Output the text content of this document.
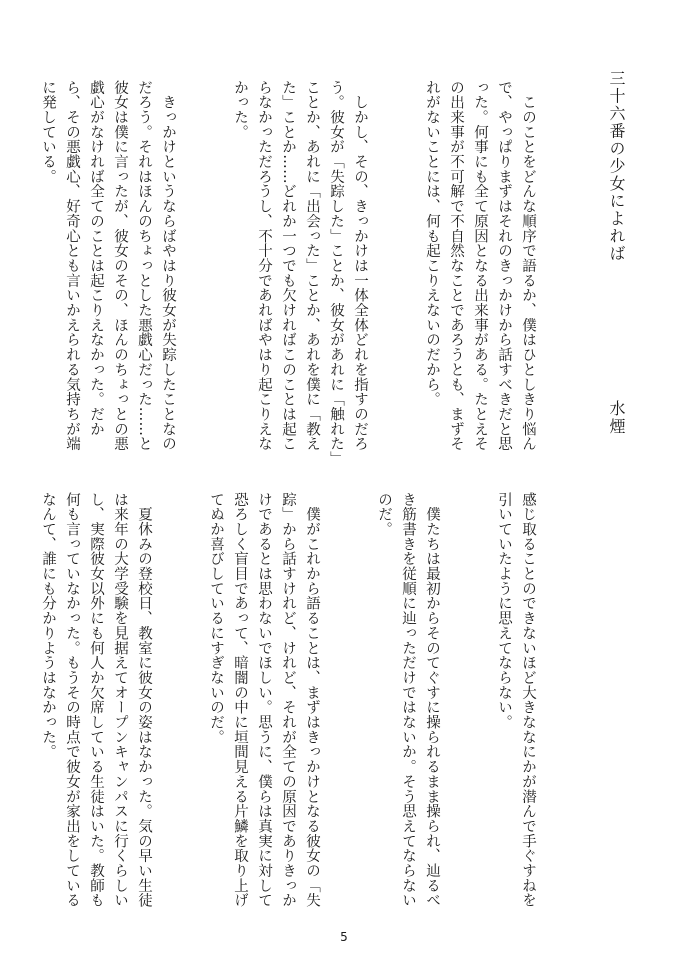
三十六番の少女によれば
水煙

　このことをどんな順序で語るか、僕はひとしきり悩んで、やっぱりまずはそれのきっかけから話すべきだと思った。何事にも全て原因となる出来事がある。たとえその出来事が不可解で不自然なことであろうとも、まずそれがないことには、何も起こりえないのだから。

　しかし、その、きっかけは一体全体どれを指すのだろう。彼女が「失踪した」ことか、彼女があれに「触れた」ことか、あれに「出会った」ことか、あれを僕に「教えた」ことか……どれか一つでも欠ければこのことは起こらなかっただろうし、不十分であればやはり起こりえなかった。

　きっかけというならばやはり彼女が失踪したことなのだろう。それはほんのちょっとした悪戯心だった……と彼女は僕に言ったが、彼女のその、ほんのちょっとの悪戯心がなければ全てのことは起こりえなかった。だから、その悪戯心、好奇心とも言いかえられる気持ちが端に発している。

感じ取ることのできないほど大きななにかが潜んで手ぐすねを引いていたように思えてならない。

　僕たちは最初からそのてぐすに操られるまま操られ、辿るべき筋書きを従順に辿っただけではないか。そう思えてならないのだ。

　僕がこれから語ることは、まずはきっかけとなる彼女の「失踪」から話すけれど、けれど、それが全ての原因でありきっかけであるとは思わないでほしい。思うに、僕らは真実に対して恐ろしく盲目であって、暗闇の中に垣間見える片鱗を取り上げてぬか喜びしているにすぎないのだ。

　夏休みの登校日、教室に彼女の姿はなかった。気の早い生徒は来年の大学受験を見据えてオープンキャンパスに行くらしいし、実際彼女以外にも何人か欠席している生徒はいた。教師も何も言っていなかった。もうその時点で彼女が家出をしているなんて、誰にも分かりようはなかった。

5
